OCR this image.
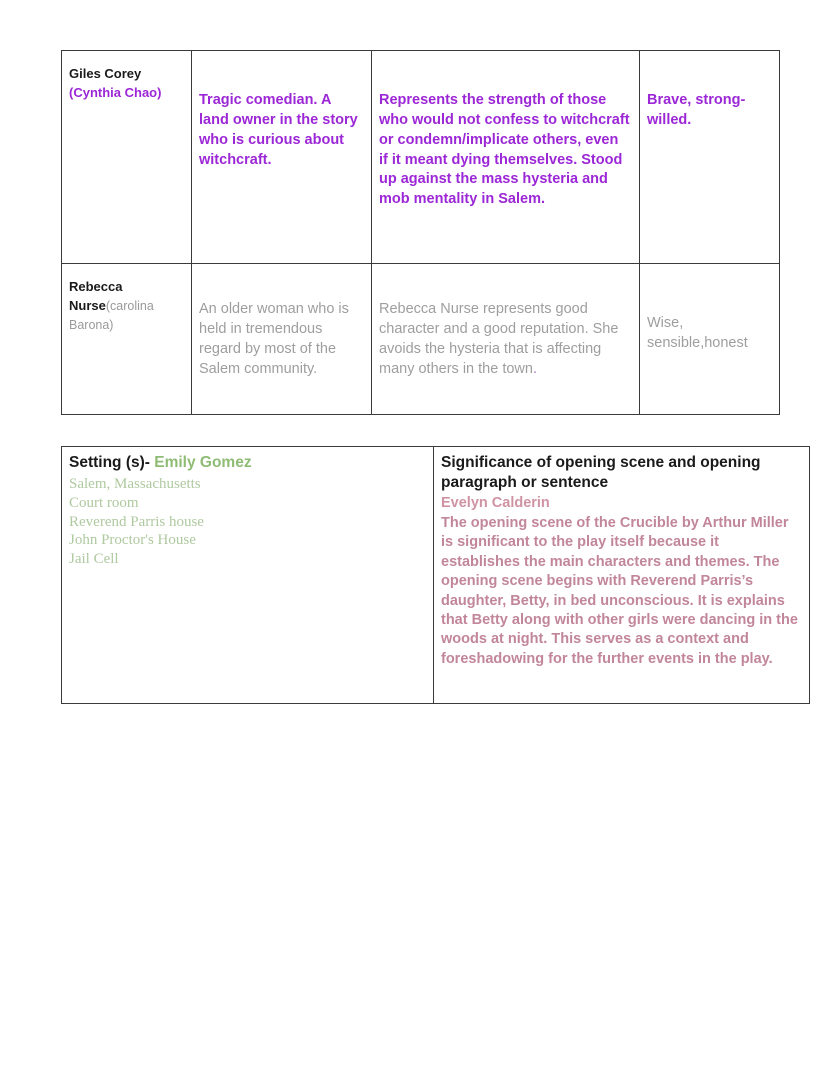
Giles Corey
(Cynthia Chao)	Tragic comedian. A land owner in the story who is curious about witchcraft.	Represents the strength of those who would not confess to witchcraft or condemn/implicate others, even if it meant dying themselves. Stood up against the mass hysteria and mob mentality in Salem.	Brave, strong-willed.

Rebecca Nurse(carolina Barona)	An older woman who is held in tremendous regard by most of the Salem community.	Rebecca Nurse represents good character and a good reputation. She avoids the hysteria that is affecting many others in the town.	Wise, sensible,honest
Setting (s)- Emily Gomez
Salem, Massachusetts
Court room
Reverend Parris house
John Proctor's House
Jail Cell

Significance of opening scene and opening paragraph or sentence
Evelyn Calderin
The opening scene of the Crucible by Arthur Miller is significant to the play itself because it establishes the main characters and themes. The opening scene begins with Reverend Parris’s daughter, Betty, in bed unconscious. It is explains that Betty along with other girls were dancing in the woods at night. This serves as a context and foreshadowing for the further events in the play.
